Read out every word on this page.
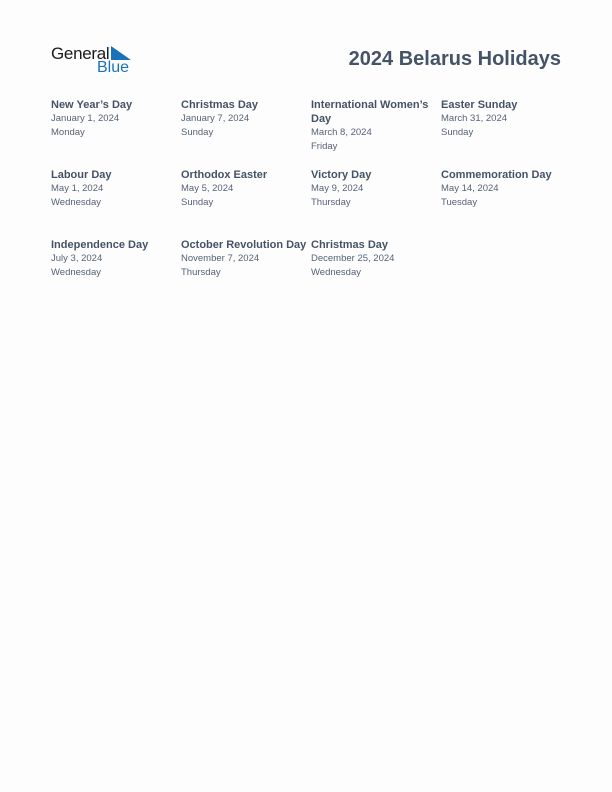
General
Blue	2024 Belarus Holidays
New Year’s Day
January 1, 2024
Monday
Christmas Day
January 7, 2024
Sunday
International Women’s Day
March 8, 2024
Friday
Easter Sunday
March 31, 2024
Sunday
Labour Day
May 1, 2024
Wednesday
Orthodox Easter
May 5, 2024
Sunday
Victory Day
May 9, 2024
Thursday
Commemoration Day
May 14, 2024
Tuesday
Independence Day
July 3, 2024
Wednesday
October Revolution Day
November 7, 2024
Thursday
Christmas Day
December 25, 2024
Wednesday
